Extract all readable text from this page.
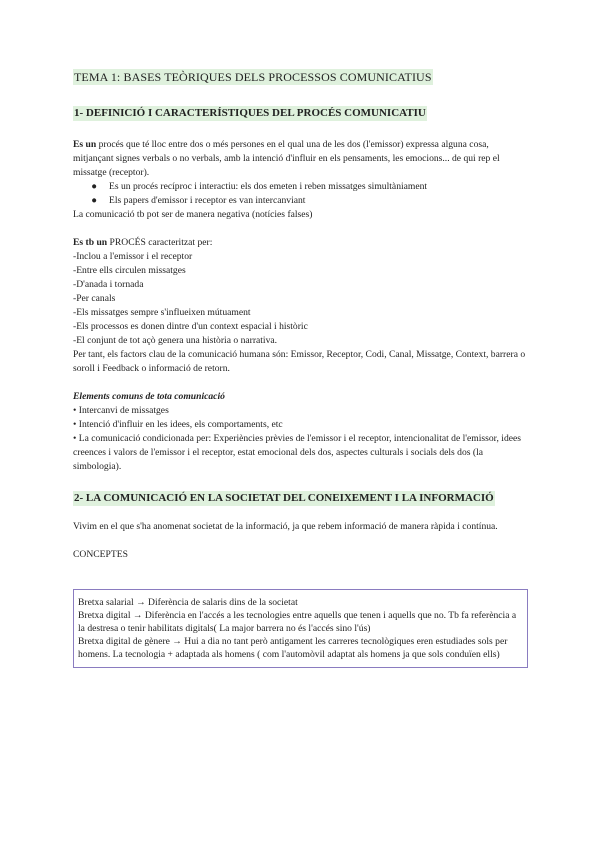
TEMA 1: BASES TEÒRIQUES DELS PROCESSOS COMUNICATIUS
1- DEFINICIÓ I CARACTERÍSTIQUES DEL PROCÉS COMUNICATIU

Es un procés que té lloc entre dos o més persones en el qual una de les dos (l'emissor) expressa alguna cosa, mitjançant signes verbals o no verbals, amb la intenció d'influir en els pensaments, les emocions... de qui rep el missatge (receptor).

●	Es un procés recíproc i interactiu: els dos emeten i reben missatges simultàniament
●	Els papers d'emissor i receptor es van intercanviant

La comunicació tb pot ser de manera negativa (notícies falses)

Es tb un PROCÉS caracteritzat per:

-Inclou a l'emissor i el receptor
-Entre ells circulen missatges
-D'anada i tornada
-Per canals
-Els missatges sempre s'influeixen mútuament
-Els processos es donen dintre d'un context espacial i històric
-El conjunt de tot açò genera una història o narrativa.

Per tant, els factors clau de la comunicació humana són: Emissor, Receptor, Codi, Canal, Missatge, Context, barrera o soroll i Feedback o informació de retorn.

Elements comuns de tota comunicació

• Intercanvi de missatges
• Intenció d'influir en les idees, els comportaments, etc
• La comunicació condicionada per: Experiències prèvies de l'emissor i el receptor, intencionalitat de l'emissor, idees creences i valors de l'emissor i el receptor, estat emocional dels dos, aspectes culturals i socials dels dos (la simbologia).
2- LA COMUNICACIÓ EN LA SOCIETAT DEL CONEIXEMENT I LA INFORMACIÓ

Vivim en el que s'ha anomenat societat de la informació, ja que rebem informació de manera ràpida i contínua.

CONCEPTES

Bretxa salarial → Diferència de salaris dins de la societat

Bretxa digital → Diferència en l'accés a les tecnologies entre aquells que tenen i aquells que no. Tb fa referència a la destresa o tenir habilitats digitals( La major barrera no és l'accés sino l'ús)

Bretxa digital de gènere → Hui a dia no tant però antigament les carreres tecnològiques eren estudiades sols per homens. La tecnologia + adaptada als homens ( com l'automòvil adaptat als homens ja que sols conduïen ells)
